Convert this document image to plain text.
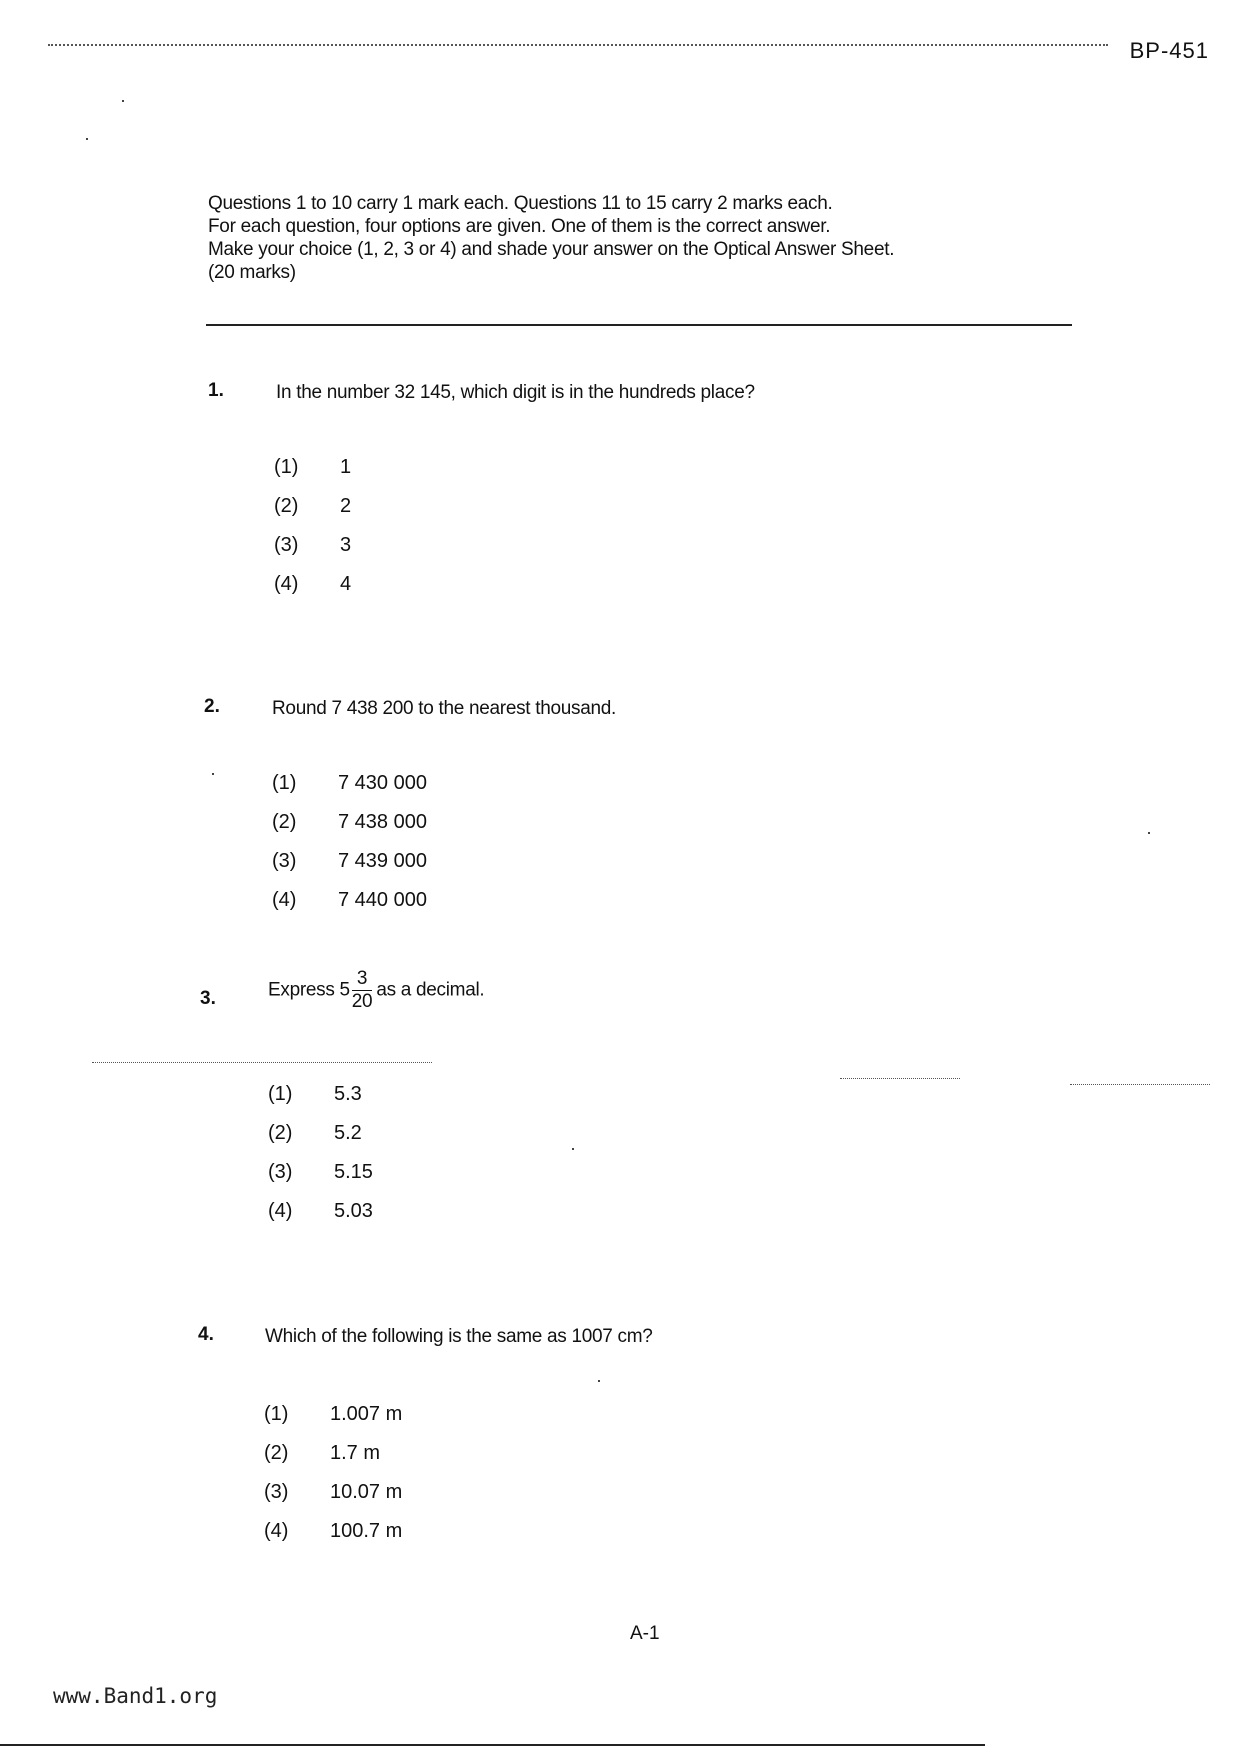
BP-451
Questions 1 to 10 carry 1 mark each. Questions 11 to 15 carry 2 marks each.
For each question, four options are given. One of them is the correct answer.
Make your choice (1, 2, 3 or 4) and shade your answer on the Optical Answer Sheet.
(20 marks)
1.	In the number 32 145, which digit is in the hundreds place?
(1) 1
(2) 2
(3) 3
(4) 4
2.	Round 7 438 200 to the nearest thousand.
(1) 7 430 000
(2) 7 438 000
(3) 7 439 000
(4) 7 440 000
3.	Express $5 \frac{3}{20}$ as a decimal.
(1) 5.3
(2) 5.2
(3) 5.15
(4) 5.03
4.	Which of the following is the same as 1007 cm?
(1) 1.007 m
(2) 1.7 m
(3) 10.07 m
(4) 100.7 m
A-1
www.Band1.org
